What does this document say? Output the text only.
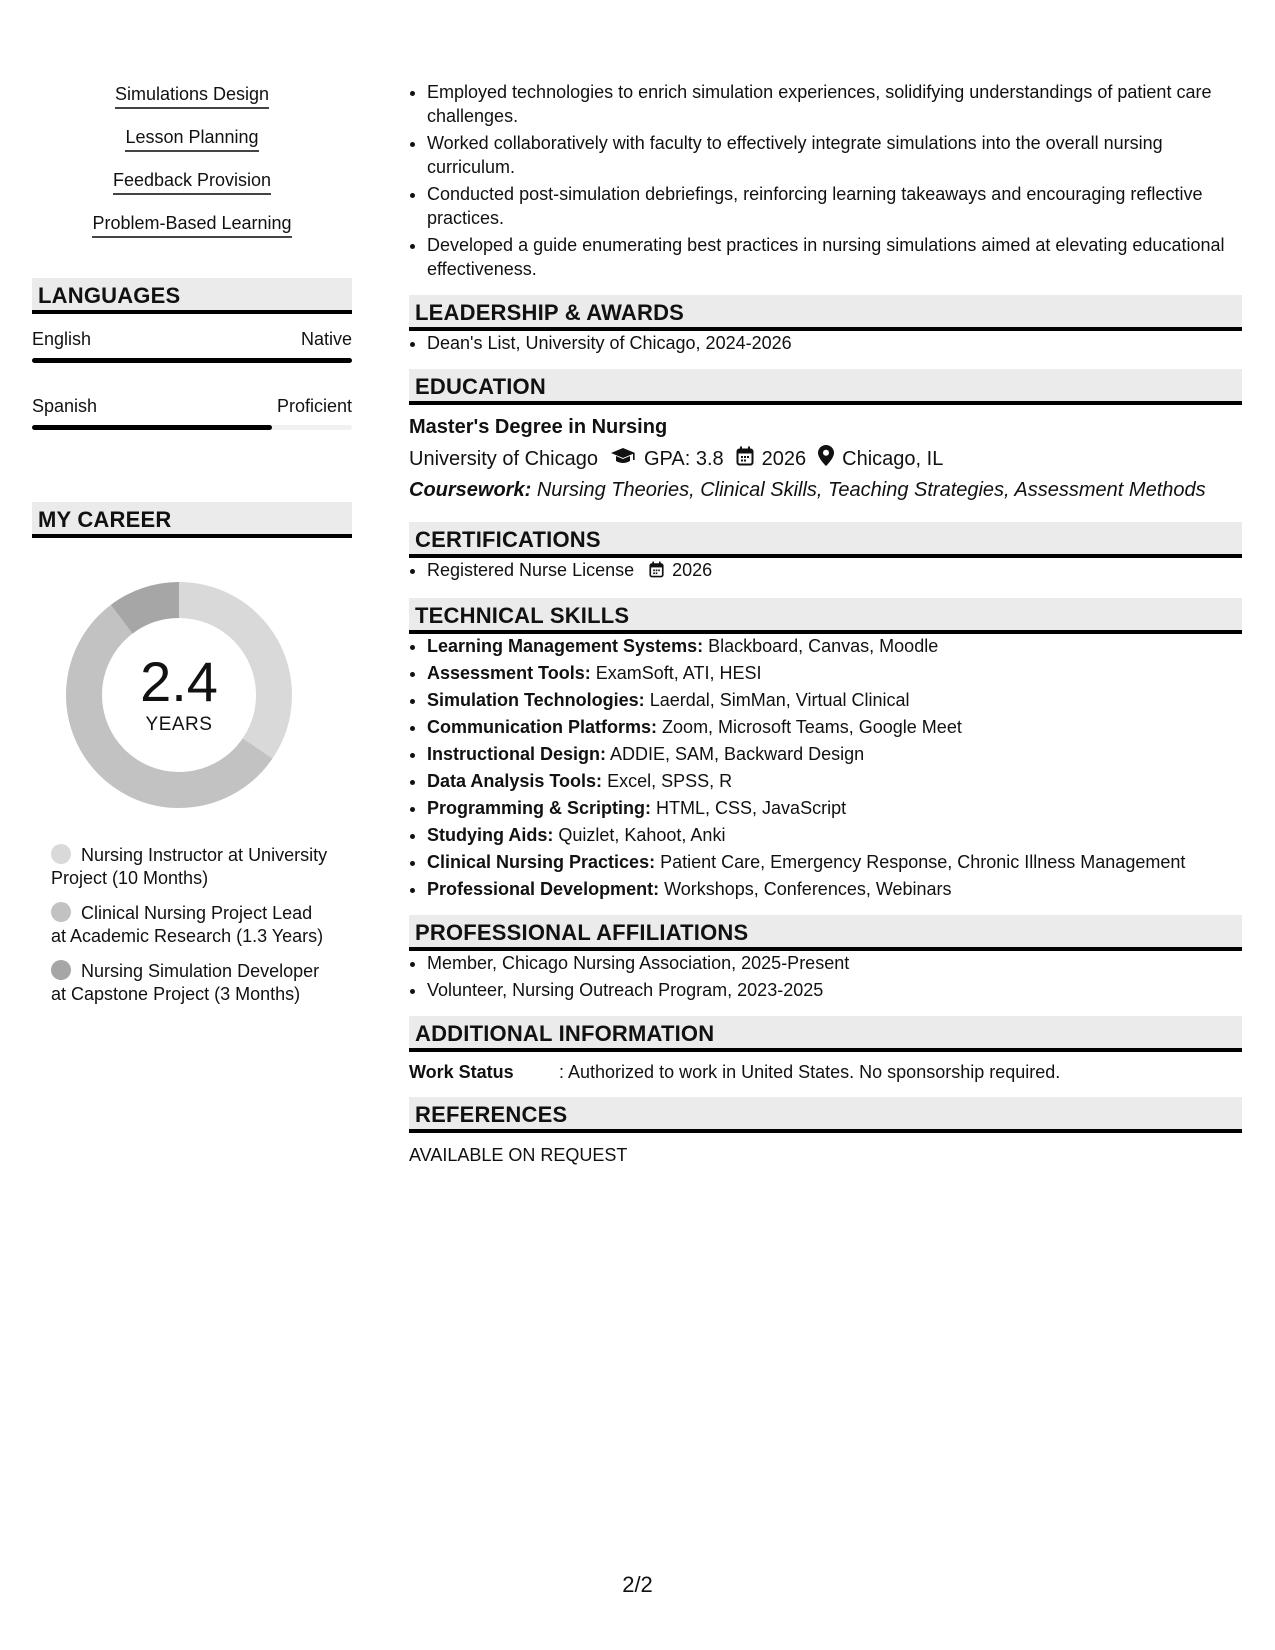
Simulations Design
Lesson Planning
Feedback Provision
Problem-Based Learning
LANGUAGES
English	Native
Spanish	Proficient
MY CAREER
2.4
YEARS
Nursing Instructor at University Project (10 Months)
Clinical Nursing Project Lead at Academic Research (1.3 Years)
Nursing Simulation Developer at Capstone Project (3 Months)
• Employed technologies to enrich simulation experiences, solidifying understandings of patient care challenges.
• Worked collaboratively with faculty to effectively integrate simulations into the overall nursing curriculum.
• Conducted post-simulation debriefings, reinforcing learning takeaways and encouraging reflective practices.
• Developed a guide enumerating best practices in nursing simulations aimed at elevating educational effectiveness.
LEADERSHIP & AWARDS
• Dean's List, University of Chicago, 2024-2026
EDUCATION
Master's Degree in Nursing
University of Chicago GPA: 3.8 2026 Chicago, IL
Coursework: Nursing Theories, Clinical Skills, Teaching Strategies, Assessment Methods
CERTIFICATIONS
• Registered Nurse License 2026
TECHNICAL SKILLS
• Learning Management Systems: Blackboard, Canvas, Moodle
• Assessment Tools: ExamSoft, ATI, HESI
• Simulation Technologies: Laerdal, SimMan, Virtual Clinical
• Communication Platforms: Zoom, Microsoft Teams, Google Meet
• Instructional Design: ADDIE, SAM, Backward Design
• Data Analysis Tools: Excel, SPSS, R
• Programming & Scripting: HTML, CSS, JavaScript
• Studying Aids: Quizlet, Kahoot, Anki
• Clinical Nursing Practices: Patient Care, Emergency Response, Chronic Illness Management
• Professional Development: Workshops, Conferences, Webinars
PROFESSIONAL AFFILIATIONS
• Member, Chicago Nursing Association, 2025-Present
• Volunteer, Nursing Outreach Program, 2023-2025
ADDITIONAL INFORMATION
Work Status	: Authorized to work in United States. No sponsorship required.
REFERENCES
AVAILABLE ON REQUEST
2/2
